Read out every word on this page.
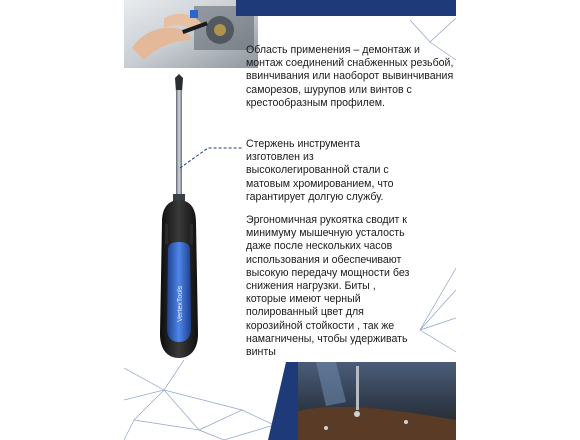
VertexTools
Область применения – демонтаж и монтаж соединений снабженных резьбой, ввинчивания или наоборот вывинчивания саморезов, шурупов или винтов с крестообразным профилем.
Стержень инструмента изготовлен из высоколегированной стали с матовым хромированием, что гарантирует долгую службу.
Эргономичная рукоятка сводит к минимуму мышечную усталость даже после нескольких часов использования и обеспечивают высокую передачу мощности без снижения нагрузки. Биты , которые имеют черный полированный цвет для корозийной стойкости , так же намагничены, чтобы удерживать винты
